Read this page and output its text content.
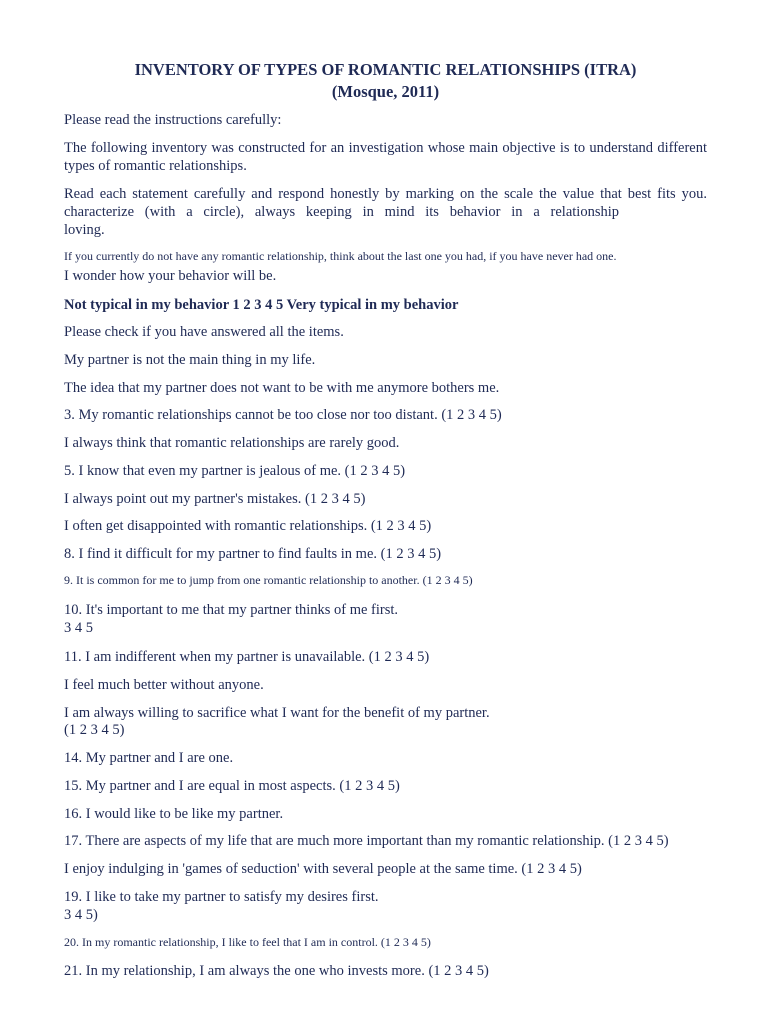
INVENTORY OF TYPES OF ROMANTIC RELATIONSHIPS (ITRA)
(Mosque, 2011)
Please read the instructions carefully:
The following inventory was constructed for an investigation whose main objective is to understand different types of romantic relationships.
Read each statement carefully and respond honestly by marking on the scale the value that best fits you.
characterize (with a circle), always keeping in mind its behavior in a relationship
loving.
If you currently do not have any romantic relationship, think about the last one you had, if you have never had one.
I wonder how your behavior will be.
Not typical in my behavior 1 2 3 4 5 Very typical in my behavior
Please check if you have answered all the items.
My partner is not the main thing in my life.
The idea that my partner does not want to be with me anymore bothers me.
3. My romantic relationships cannot be too close nor too distant. (1 2 3 4 5)
I always think that romantic relationships are rarely good.
5. I know that even my partner is jealous of me. (1 2 3 4 5)
I always point out my partner's mistakes. (1 2 3 4 5)
I often get disappointed with romantic relationships. (1 2 3 4 5)
8. I find it difficult for my partner to find faults in me. (1 2 3 4 5)
9. It is common for me to jump from one romantic relationship to another. (1 2 3 4 5)
10. It's important to me that my partner thinks of me first.
3 4 5
11. I am indifferent when my partner is unavailable. (1 2 3 4 5)
I feel much better without anyone.
I am always willing to sacrifice what I want for the benefit of my partner.
(1 2 3 4 5)
14. My partner and I are one.
15. My partner and I are equal in most aspects. (1 2 3 4 5)
16. I would like to be like my partner.
17. There are aspects of my life that are much more important than my romantic relationship. (1 2 3 4 5)
I enjoy indulging in 'games of seduction' with several people at the same time. (1 2 3 4 5)
19. I like to take my partner to satisfy my desires first.
3 4 5)
20. In my romantic relationship, I like to feel that I am in control. (1 2 3 4 5)
21. In my relationship, I am always the one who invests more. (1 2 3 4 5)
